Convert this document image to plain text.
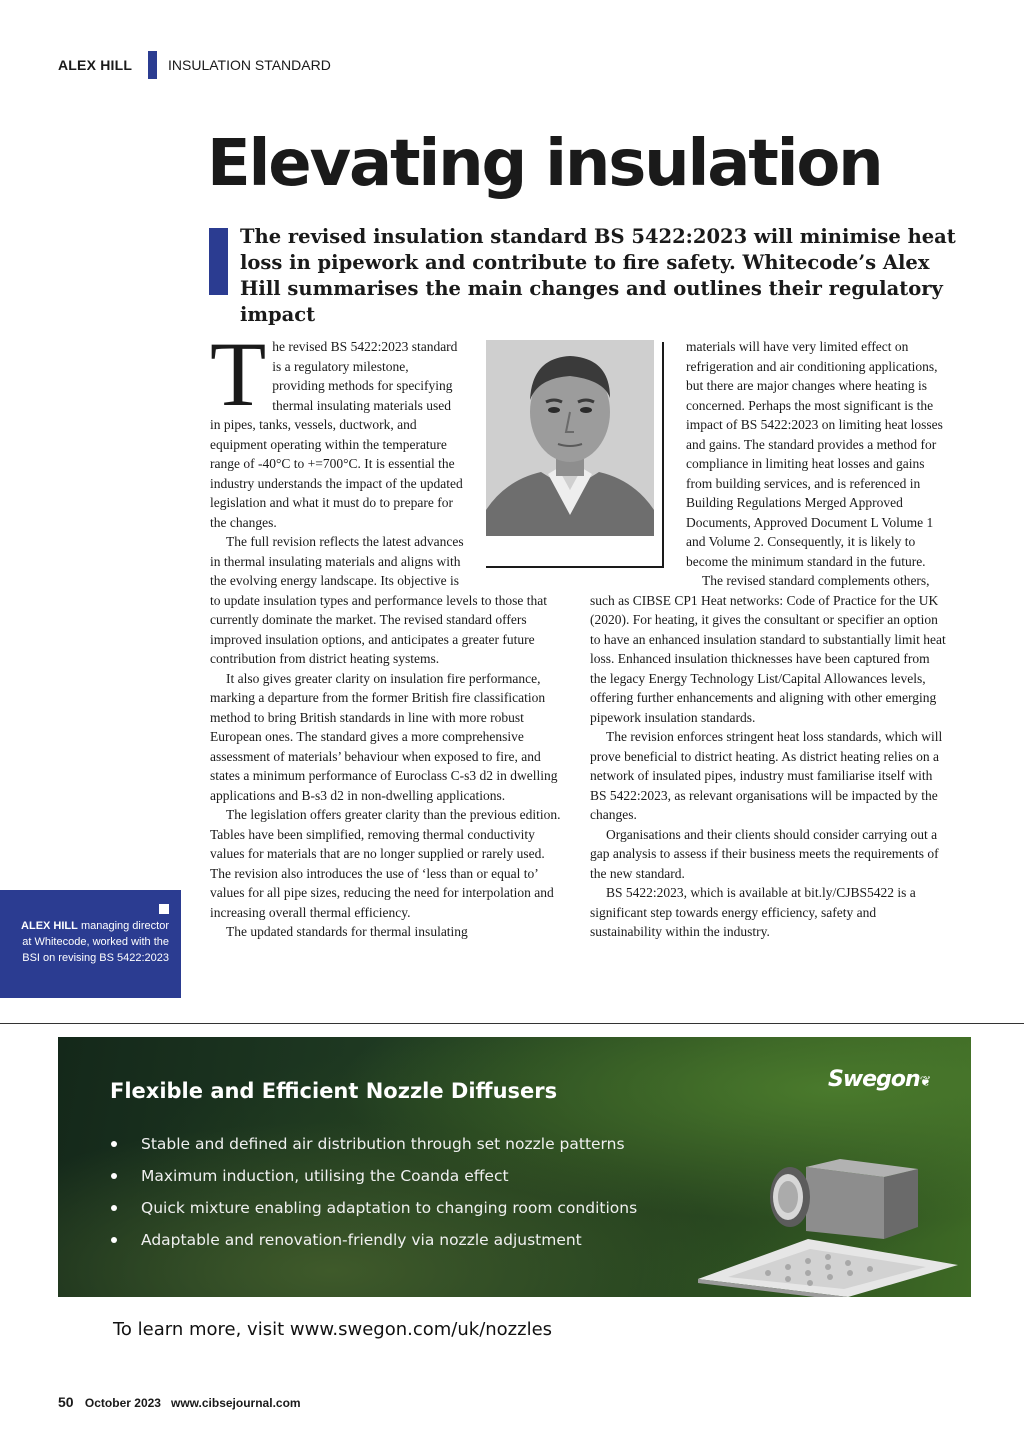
ALEX HILL	INSULATION STANDARD
Elevating insulation
The revised insulation standard BS 5422:2023 will minimise heat loss in pipework and contribute to fire safety. Whitecode’s Alex Hill summarises the main changes and outlines their regulatory impact
T he revised BS 5422:2023 standard is a regulatory milestone, providing methods for specifying thermal insulating materials used in pipes, tanks, vessels, ductwork, and equipment operating within the temperature range of -40°C to +=700°C. It is essential the industry understands the impact of the updated legislation and what it must do to prepare for the changes.

The full revision reflects the latest advances in thermal insulating materials and aligns with the evolving energy landscape. Its objective is to update insulation types and performance levels to those that currently dominate the market. The revised standard offers improved insulation options, and anticipates a greater future contribution from district heating systems.

It also gives greater clarity on insulation fire performance, marking a departure from the former British fire classification method to bring British standards in line with more robust European ones. The standard gives a more comprehensive assessment of materials’ behaviour when exposed to fire, and states a minimum performance of Euroclass C-s3 d2 in dwelling applications and B-s3 d2 in non-dwelling applications.

The legislation offers greater clarity than the previous edition. Tables have been simplified, removing thermal conductivity values for materials that are no longer supplied or rarely used. The revision also introduces the use of ‘less than or equal to’ values for all pipe sizes, reducing the need for interpolation and increasing overall thermal efficiency.

The updated standards for thermal insulating

materials will have very limited effect on refrigeration and air conditioning applications, but there are major changes where heating is concerned. Perhaps the most significant is the impact of BS 5422:2023 on limiting heat losses and gains. The standard provides a method for compliance in limiting heat losses and gains from building services, and is referenced in Building Regulations Merged Approved Documents, Approved Document L Volume 1 and Volume 2. Consequently, it is likely to become the minimum standard in the future.

The revised standard complements others, such as CIBSE CP1 Heat networks: Code of Practice for the UK (2020). For heating, it gives the consultant or specifier an option to have an enhanced insulation standard to substantially limit heat loss. Enhanced insulation thicknesses have been captured from the legacy Energy Technology List/Capital Allowances levels, offering further enhancements and aligning with other emerging pipework insulation standards.

The revision enforces stringent heat loss standards, which will prove beneficial to district heating. As district heating relies on a network of insulated pipes, industry must familiarise itself with BS 5422:2023, as relevant organisations will be impacted by the changes.

Organisations and their clients should consider carrying out a gap analysis to assess if their business meets the requirements of the new standard.

BS 5422:2023, which is available at bit.ly/CJBS5422 is a significant step towards energy efficiency, safety and sustainability within the industry.

ALEX HILL managing director at Whitecode, worked with the BSI on revising BS 5422:2023
Flexible and Efficient Nozzle Diffusers
Stable and defined air distribution through set nozzle patterns
Maximum induction, utilising the Coanda effect
Quick mixture enabling adaptation to changing room conditions
Adaptable and renovation-friendly via nozzle adjustment
Swegon❦
To learn more, visit www.swegon.com/uk/nozzles
50 October 2023 www.cibsejournal.com
